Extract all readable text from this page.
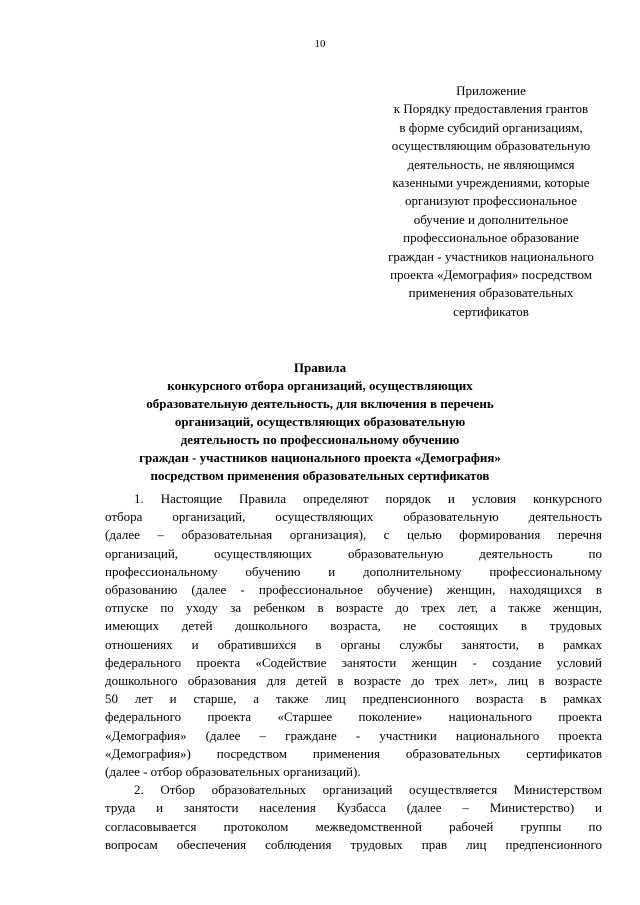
10
Приложение
к Порядку предоставления грантов
в форме субсидий организациям,
осуществляющим образовательную
деятельность, не являющимся
казенными учреждениями, которые
организуют профессиональное
обучение и дополнительное
профессиональное образование
граждан - участников национального
проекта «Демография» посредством
применения образовательных
сертификатов
Правила
конкурсного отбора организаций, осуществляющих
образовательную деятельность, для включения в перечень
организаций, осуществляющих образовательную
деятельность по профессиональному обучению
граждан - участников национального проекта «Демография»
посредством применения образовательных сертификатов
1. Настоящие Правила определяют порядок и условия конкурсного
отбора организаций, осуществляющих образовательную деятельность
(далее – образовательная организация), с целью формирования перечня
организаций, осуществляющих образовательную деятельность по
профессиональному обучению и дополнительному профессиональному
образованию (далее - профессиональное обучение) женщин, находящихся в
отпуске по уходу за ребенком в возрасте до трех лет, а также женщин,
имеющих детей дошкольного возраста, не состоящих в трудовых
отношениях и обратившихся в органы службы занятости, в рамках
федерального проекта «Содействие занятости женщин - создание условий
дошкольного образования для детей в возрасте до трех лет», лиц в возрасте
50 лет и старше, а также лиц предпенсионного возраста в рамках
федерального проекта «Старшее поколение» национального проекта
«Демография» (далее – граждане - участники национального проекта
«Демография») посредством применения образовательных сертификатов
(далее - отбор образовательных организаций).
2. Отбор образовательных организаций осуществляется Министерством
труда и занятости населения Кузбасса (далее – Министерство) и
согласовывается протоколом межведомственной рабочей группы по
вопросам обеспечения соблюдения трудовых прав лиц предпенсионного
